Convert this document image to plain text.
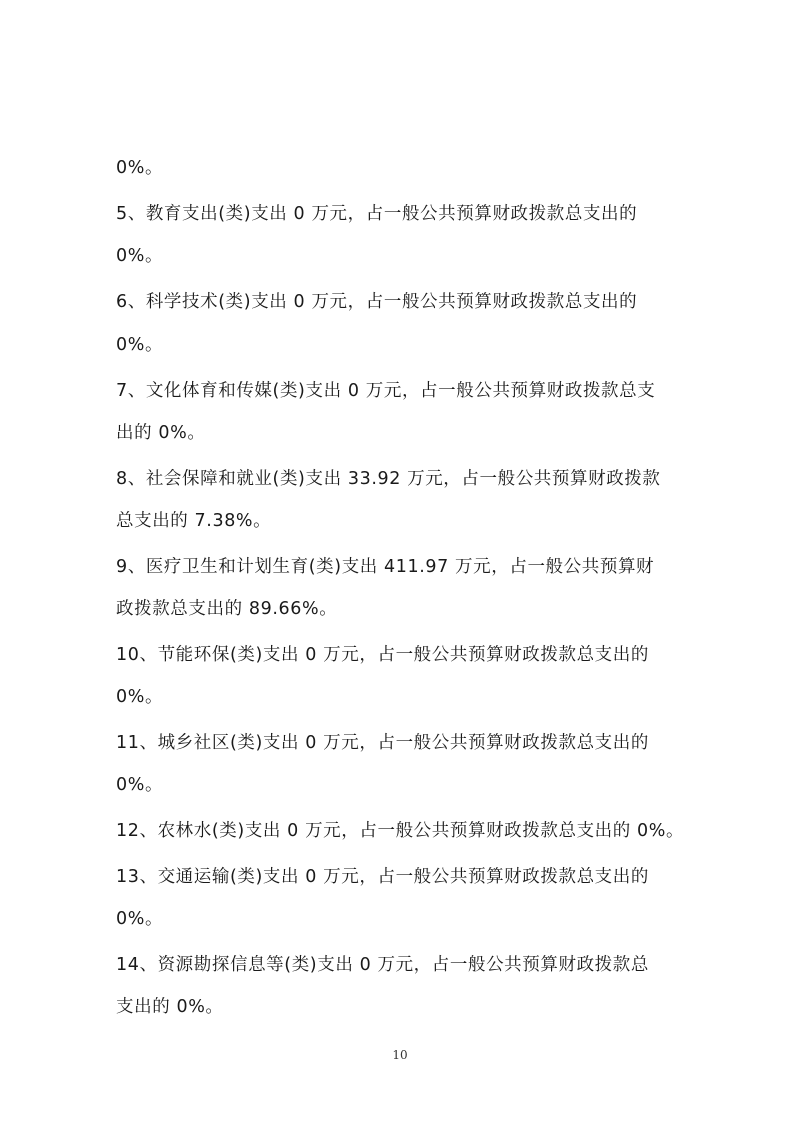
0%。
5、教育支出(类)支出 0 万元，占一般公共预算财政拨款总支出的
0%。
6、科学技术(类)支出 0 万元，占一般公共预算财政拨款总支出的
0%。
7、文化体育和传媒(类)支出 0 万元，占一般公共预算财政拨款总支
出的 0%。
8、社会保障和就业(类)支出 33.92 万元，占一般公共预算财政拨款
总支出的 7.38%。
9、医疗卫生和计划生育(类)支出 411.97 万元，占一般公共预算财
政拨款总支出的 89.66%。
10、节能环保(类)支出 0 万元，占一般公共预算财政拨款总支出的
0%。
11、城乡社区(类)支出 0 万元，占一般公共预算财政拨款总支出的
0%。
12、农林水(类)支出 0 万元，占一般公共预算财政拨款总支出的 0%。
13、交通运输(类)支出 0 万元，占一般公共预算财政拨款总支出的
0%。
14、资源勘探信息等(类)支出 0 万元，占一般公共预算财政拨款总
支出的 0%。
10
